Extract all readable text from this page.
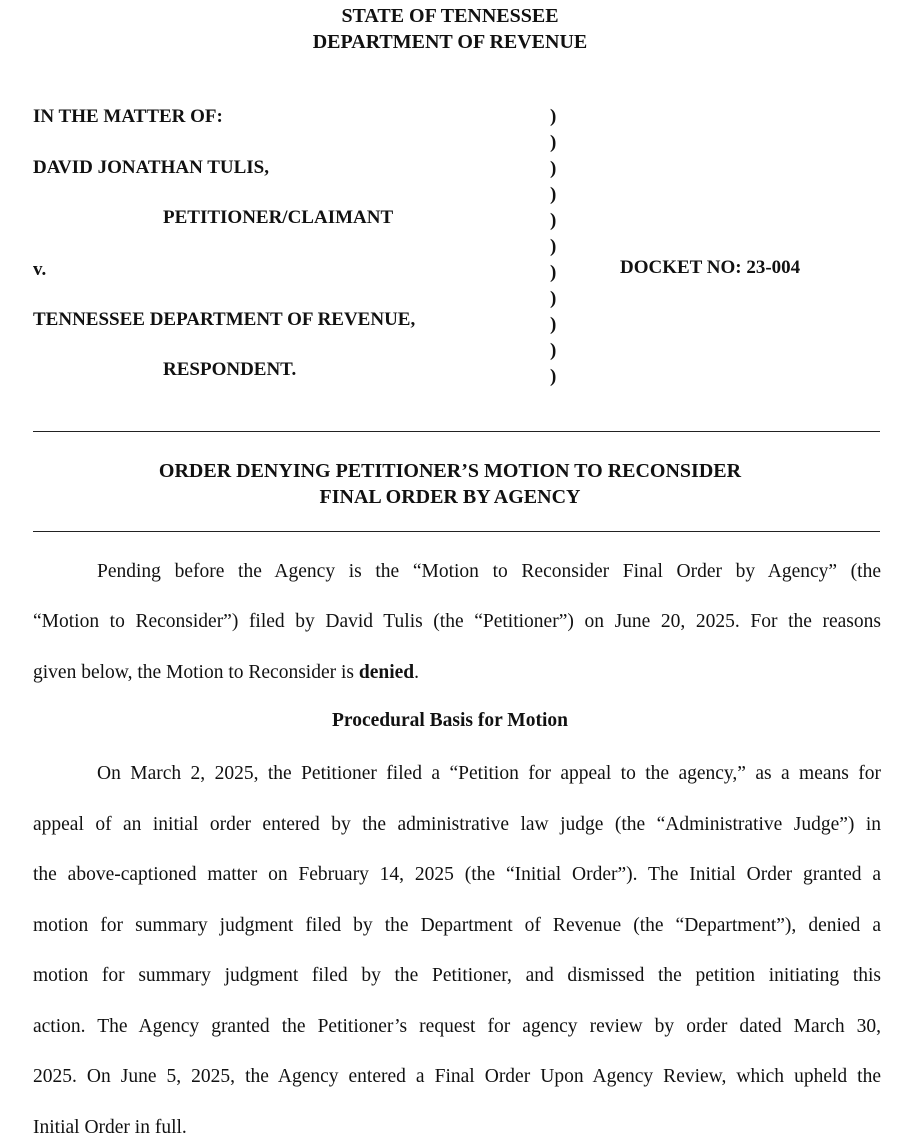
STATE OF TENNESSEE
DEPARTMENT OF REVENUE
IN THE MATTER OF:
DAVID JONATHAN TULIS,
PETITIONER/CLAIMANT
v.
TENNESSEE DEPARTMENT OF REVENUE,
RESPONDENT.
DOCKET NO: 23-004
)
)
)
)
)
)
)
)
)
)
)
ORDER DENYING PETITIONER’S MOTION TO RECONSIDER
FINAL ORDER BY AGENCY
Pending before the Agency is the “Motion to Reconsider Final Order by Agency” (the
“Motion to Reconsider”) filed by David Tulis (the “Petitioner”) on June 20, 2025. For the reasons
given below, the Motion to Reconsider is denied.
Procedural Basis for Motion
On March 2, 2025, the Petitioner filed a “Petition for appeal to the agency,” as a means for
appeal of an initial order entered by the administrative law judge (the “Administrative Judge”) in
the above-captioned matter on February 14, 2025 (the “Initial Order”). The Initial Order granted a
motion for summary judgment filed by the Department of Revenue (the “Department”), denied a
motion for summary judgment filed by the Petitioner, and dismissed the petition initiating this
action. The Agency granted the Petitioner’s request for agency review by order dated March 30,
2025. On June 5, 2025, the Agency entered a Final Order Upon Agency Review, which upheld the
Initial Order in full.
